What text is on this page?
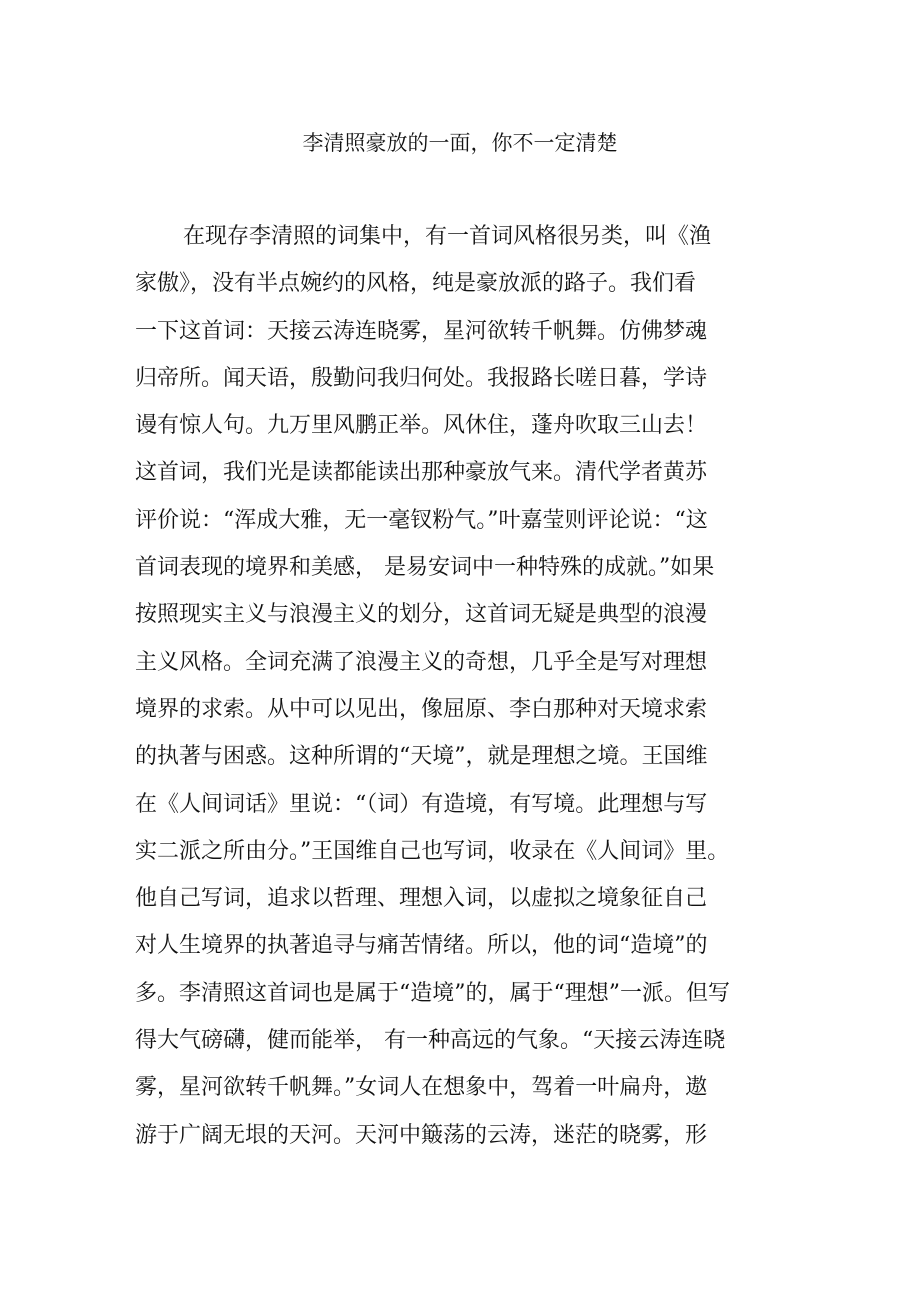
李清照豪放的一面，你不一定清楚
在现存李清照的词集中，有一首词风格很另类，叫《渔
家傲》，没有半点婉约的风格，纯是豪放派的路子。我们看
一下这首词：天接云涛连晓雾，星河欲转千帆舞。仿佛梦魂
归帝所。闻天语，殷勤问我归何处。我报路长嗟日暮，学诗
谩有惊人句。九万里风鹏正举。风休住，蓬舟吹取三山去！
这首词，我们光是读都能读出那种豪放气来。清代学者黄苏
评价说：“浑成大雅，无一毫钗粉气。”叶嘉莹则评论说：“这
首词表现的境界和美感， 是易安词中一种特殊的成就。”如果
按照现实主义与浪漫主义的划分，这首词无疑是典型的浪漫
主义风格。全词充满了浪漫主义的奇想，几乎全是写对理想
境界的求索。从中可以见出，像屈原、李白那种对天境求索
的执著与困惑。这种所谓的“天境”，就是理想之境。王国维
在《人间词话》里说：“（词）有造境，有写境。此理想与写
实二派之所由分。”王国维自己也写词，收录在《人间词》里。
他自己写词，追求以哲理、理想入词，以虚拟之境象征自己
对人生境界的执著追寻与痛苦情绪。所以，他的词“造境”的
多。李清照这首词也是属于“造境”的，属于“理想”一派。但写
得大气磅礴，健而能举， 有一种高远的气象。“天接云涛连晓
雾，星河欲转千帆舞。”女词人在想象中，驾着一叶扁舟，遨
游于广阔无垠的天河。天河中簸荡的云涛，迷茫的晓雾，形
